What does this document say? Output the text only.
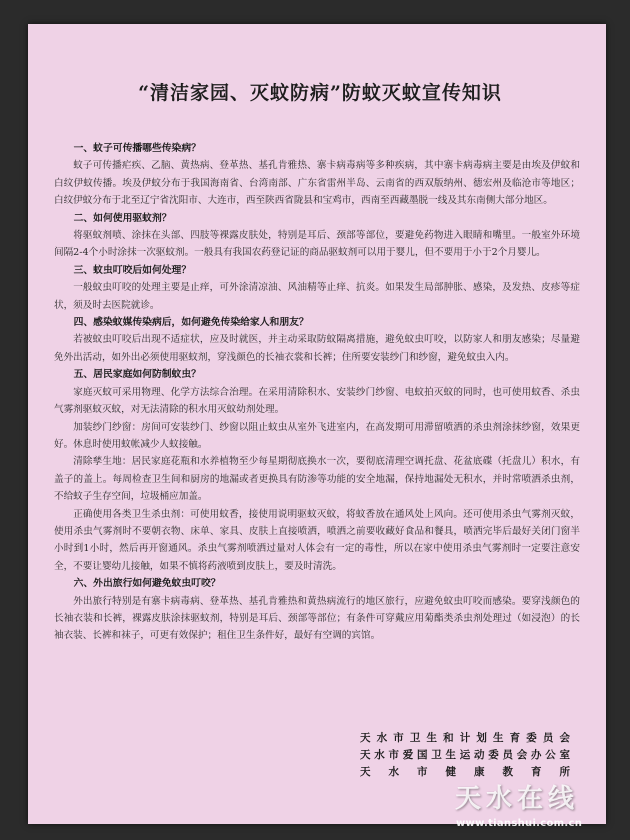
“清洁家园、灭蚊防病”防蚊灭蚊宣传知识
一、蚊子可传播哪些传染病？

蚊子可传播疟疾、乙脑、黄热病、登革热、基孔肯雅热、寨卡病毒病等多种疾病，其中寨卡病毒病主要是由埃及伊蚊和白纹伊蚊传播。埃及伊蚊分布于我国海南省、台湾南部、广东省雷州半岛、云南省的西双版纳州、德宏州及临沧市等地区；白纹伊蚊分布于北至辽宁省沈阳市、大连市，西至陕西省陇县和宝鸡市，西南至西藏墨脱一线及其东南侧大部分地区。

二、如何使用驱蚊剂？

将驱蚊剂喷、涂抹在头部、四肢等裸露皮肤处，特别是耳后、颈部等部位，要避免药物进入眼睛和嘴里。一般室外环境间隔2-4个小时涂抹一次驱蚊剂。一般具有我国农药登记证的商品驱蚊剂可以用于婴儿，但不要用于小于2个月婴儿。

三、蚊虫叮咬后如何处理？

一般蚊虫叮咬的处理主要是止痒，可外涂清凉油、风油精等止痒、抗炎。如果发生局部肿胀、感染，及发热、皮疹等症状，须及时去医院就诊。

四、感染蚊媒传染病后，如何避免传染给家人和朋友？

若被蚊虫叮咬后出现不适症状，应及时就医，并主动采取防蚊隔离措施，避免蚊虫叮咬，以防家人和朋友感染；尽量避免外出活动，如外出必须使用驱蚊剂，穿浅颜色的长袖衣裳和长裤；住所要安装纱门和纱窗，避免蚊虫入内。

五、居民家庭如何防制蚊虫？

家庭灭蚊可采用物理、化学方法综合治理。在采用清除积水、安装纱门纱窗、电蚊拍灭蚊的同时，也可使用蚊香、杀虫气雾剂驱蚊灭蚊，对无法清除的积水用灭蚊幼剂处理。

加装纱门纱窗：房间可安装纱门、纱窗以阻止蚊虫从室外飞进室内，在高发期可用滞留喷洒的杀虫剂涂抹纱窗，效果更好。休息时使用蚊帐减少人蚊接触。

清除孳生地：居民家庭花瓶和水养植物至少每星期彻底换水一次，要彻底清理空调托盘、花盆底碟（托盘儿）积水，有盖子的盖上。每周检查卫生间和厨房的地漏或者更换具有防渗等功能的安全地漏，保持地漏处无积水，并时常喷洒杀虫剂，不给蚊子生存空间，垃圾桶应加盖。

正确使用各类卫生杀虫剂：可使用蚊香，接使用说明驱蚊灭蚊，将蚊香放在通风处上风向。还可使用杀虫气雾剂灭蚊，使用杀虫气雾剂时不要朝衣物、床单、家具、皮肤上直接喷洒，喷洒之前要收藏好食品和餐具，喷洒完毕后最好关闭门窗半小时到1小时，然后再开窗通风。杀虫气雾剂喷洒过量对人体会有一定的毒性，所以在家中使用杀虫气雾剂时一定要注意安全，不要让婴幼儿接触，如果不慎将药液喷到皮肤上，要及时清洗。

六、外出旅行如何避免蚊虫叮咬？

外出旅行特别是有寨卡病毒病、登革热、基孔肯雅热和黄热病流行的地区旅行，应避免蚊虫叮咬而感染。要穿浅颜色的长袖衣装和长裤，裸露皮肤涂抹驱蚊剂，特别是耳后、颈部等部位；有条件可穿戴应用菊酯类杀虫剂处理过（如浸泡）的长袖衣装、长裤和袜子，可更有效保护；租住卫生条件好，最好有空调的宾馆。

天水市卫生和计划生育委员会
天水市爱国卫生运动委员会办公室
天水市健康教育所
天水在线
www.tianshui.com.cn
